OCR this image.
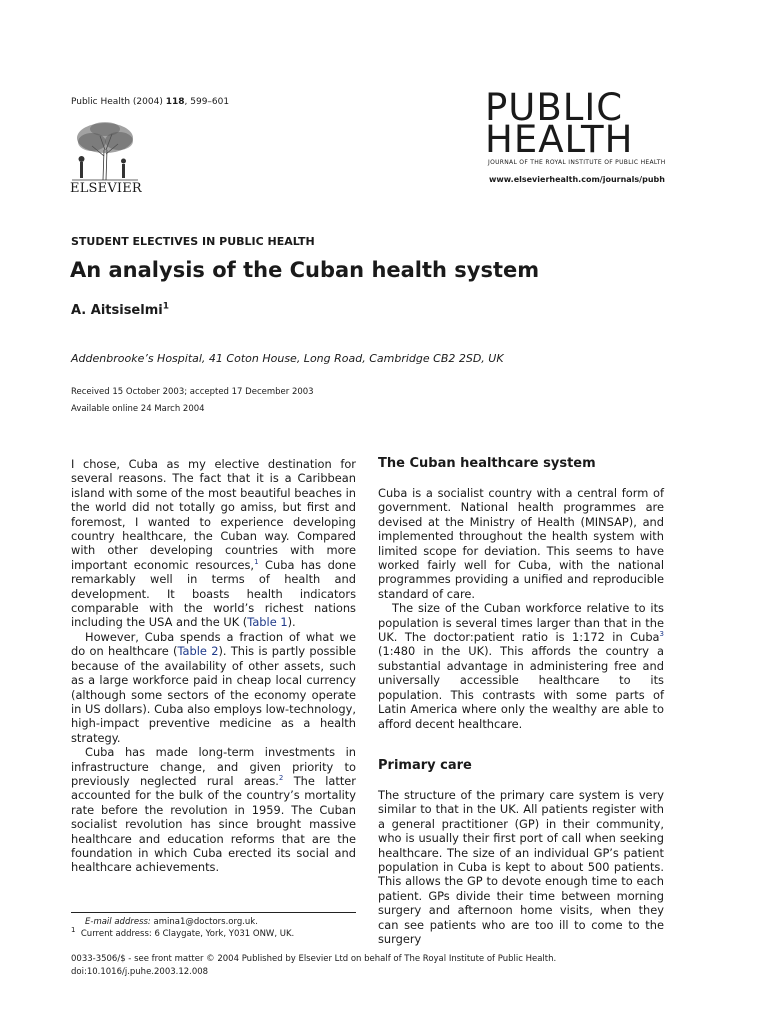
Public Health (2004) 118, 599–601
ELSEVIER
PUBLIC
HEALTH
JOURNAL OF THE ROYAL INSTITUTE OF PUBLIC HEALTH
www.elsevierhealth.com/journals/pubh
STUDENT ELECTIVES IN PUBLIC HEALTH
An analysis of the Cuban health system
A. Aitsiselmi$^1$
Addenbrooke’s Hospital, 41 Coton House, Long Road, Cambridge CB2 2SD, UK
Received 15 October 2003; accepted 17 December 2003
Available online 24 March 2004

I chose, Cuba as my elective destination for several reasons. The fact that it is a Caribbean island with some of the most beautiful beaches in the world did not totally go amiss, but first and foremost, I wanted to experience developing country healthcare, the Cuban way. Compared with other developing countries with more important economic resources,$^1$ Cuba has done remarkably well in terms of health and development. It boasts health indicators comparable with the world’s richest nations including the USA and the UK (Table 1).

However, Cuba spends a fraction of what we do on healthcare (Table 2). This is partly possible because of the availability of other assets, such as a large workforce paid in cheap local currency (although some sectors of the economy operate in US dollars). Cuba also employs low-technology, high-impact preventive medicine as a health strategy.

Cuba has made long-term investments in infrastructure change, and given priority to previously neglected rural areas.$^2$ The latter accounted for the bulk of the country’s mortality rate before the revolution in 1959. The Cuban socialist revolution has since brought massive healthcare and education reforms that are the foundation in which Cuba erected its social and healthcare achievements.

The Cuban healthcare system

Cuba is a socialist country with a central form of government. National health programmes are devised at the Ministry of Health (MINSAP), and implemented throughout the health system with limited scope for deviation. This seems to have worked fairly well for Cuba, with the national programmes providing a unified and reproducible standard of care.

The size of the Cuban workforce relative to its population is several times larger than that in the UK. The doctor:patient ratio is 1:172 in Cuba$^3$ (1:480 in the UK). This affords the country a substantial advantage in administering free and universally accessible healthcare to its population. This contrasts with some parts of Latin America where only the wealthy are able to afford decent healthcare.

Primary care

The structure of the primary care system is very similar to that in the UK. All patients register with a general practitioner (GP) in their community, who is usually their first port of call when seeking healthcare. The size of an individual GP’s patient population in Cuba is kept to about 500 patients. This allows the GP to devote enough time to each patient. GPs divide their time between morning surgery and afternoon home visits, when they can see patients who are too ill to come to the surgery

E-mail address: amina1@doctors.org.uk.
$^1$ Current address: 6 Claygate, York, Y031 ONW, UK.
0033-3506/$ - see front matter © 2004 Published by Elsevier Ltd on behalf of The Royal Institute of Public Health.
doi:10.1016/j.puhe.2003.12.008
